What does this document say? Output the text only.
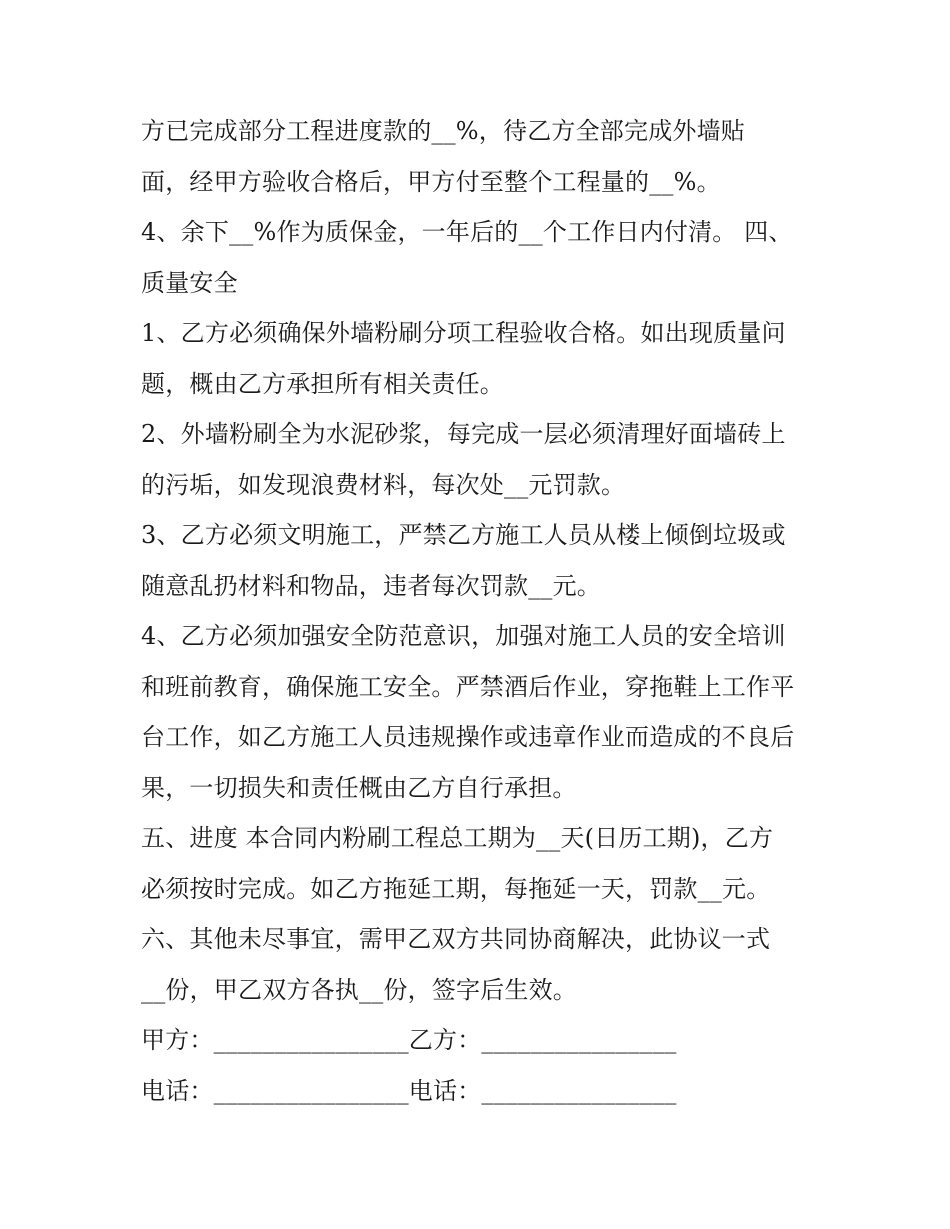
方已完成部分工程进度款的__%，待乙方全部完成外墙贴
面，经甲方验收合格后，甲方付至整个工程量的__%。
4、余下__%作为质保金，一年后的__个工作日内付清。 四、
质量安全
1、乙方必须确保外墙粉刷分项工程验收合格。如出现质量问
题，概由乙方承担所有相关责任。
2、外墙粉刷全为水泥砂浆，每完成一层必须清理好面墙砖上
的污垢，如发现浪费材料，每次处__元罚款。
3、乙方必须文明施工，严禁乙方施工人员从楼上倾倒垃圾或
随意乱扔材料和物品，违者每次罚款__元。
4、乙方必须加强安全防范意识，加强对施工人员的安全培训
和班前教育，确保施工安全。严禁酒后作业，穿拖鞋上工作平
台工作，如乙方施工人员违规操作或违章作业而造成的不良后
果，一切损失和责任概由乙方自行承担。
五、进度 本合同内粉刷工程总工期为__天(日历工期)，乙方
必须按时完成。如乙方拖延工期，每拖延一天，罚款__元。
六、其他未尽事宜，需甲乙双方共同协商解决，此协议一式
__份，甲乙双方各执__份，签字后生效。
甲方：________________乙方：________________
电话：________________电话：________________
